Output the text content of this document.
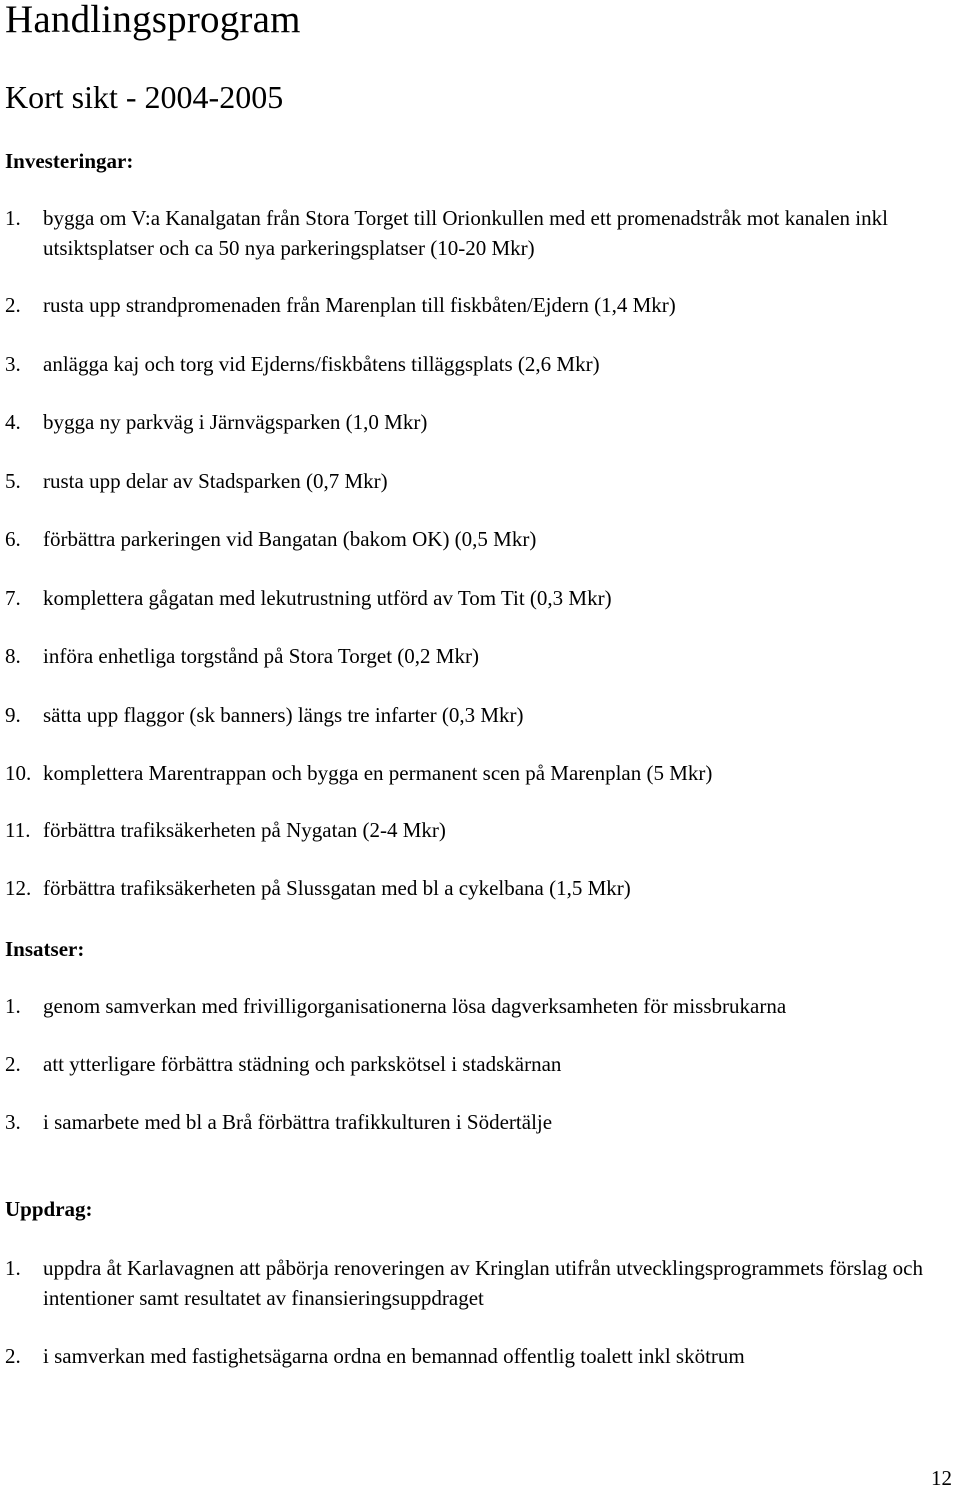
Handlingsprogram
Kort sikt - 2004-2005
Investeringar:
1. bygga om V:a Kanalgatan från Stora Torget till Orionkullen med ett promenadstråk mot kanalen inkl utsiktsplatser och ca 50 nya parkeringsplatser (10-20 Mkr)
2. rusta upp strandpromenaden från Marenplan till fiskbåten/Ejdern (1,4 Mkr)
3. anlägga kaj och torg vid Ejderns/fiskbåtens tilläggsplats (2,6 Mkr)
4. bygga ny parkväg i Järnvägsparken (1,0 Mkr)
5. rusta upp delar av Stadsparken (0,7 Mkr)
6. förbättra parkeringen vid Bangatan (bakom OK) (0,5 Mkr)
7. komplettera gågatan med lekutrustning utförd av Tom Tit (0,3 Mkr)
8. införa enhetliga torgstånd på Stora Torget (0,2 Mkr)
9. sätta upp flaggor (sk banners) längs tre infarter (0,3 Mkr)
10. komplettera Marentrappan och bygga en permanent scen på Marenplan (5 Mkr)
11. förbättra trafiksäkerheten på Nygatan (2-4 Mkr)
12. förbättra trafiksäkerheten på Slussgatan med bl a cykelbana (1,5 Mkr)
Insatser:
1. genom samverkan med frivilligorganisationerna lösa dagverksamheten för missbrukarna
2. att ytterligare förbättra städning och parkskötsel i stadskärnan
3. i samarbete med bl a Brå förbättra trafikkulturen i Södertälje
Uppdrag:
1. uppdra åt Karlavagnen att påbörja renoveringen av Kringlan utifrån utvecklingsprogrammets förslag och intentioner samt resultatet av finansieringsuppdraget
2. i samverkan med fastighetsägarna ordna en bemannad offentlig toalett inkl skötrum
12
